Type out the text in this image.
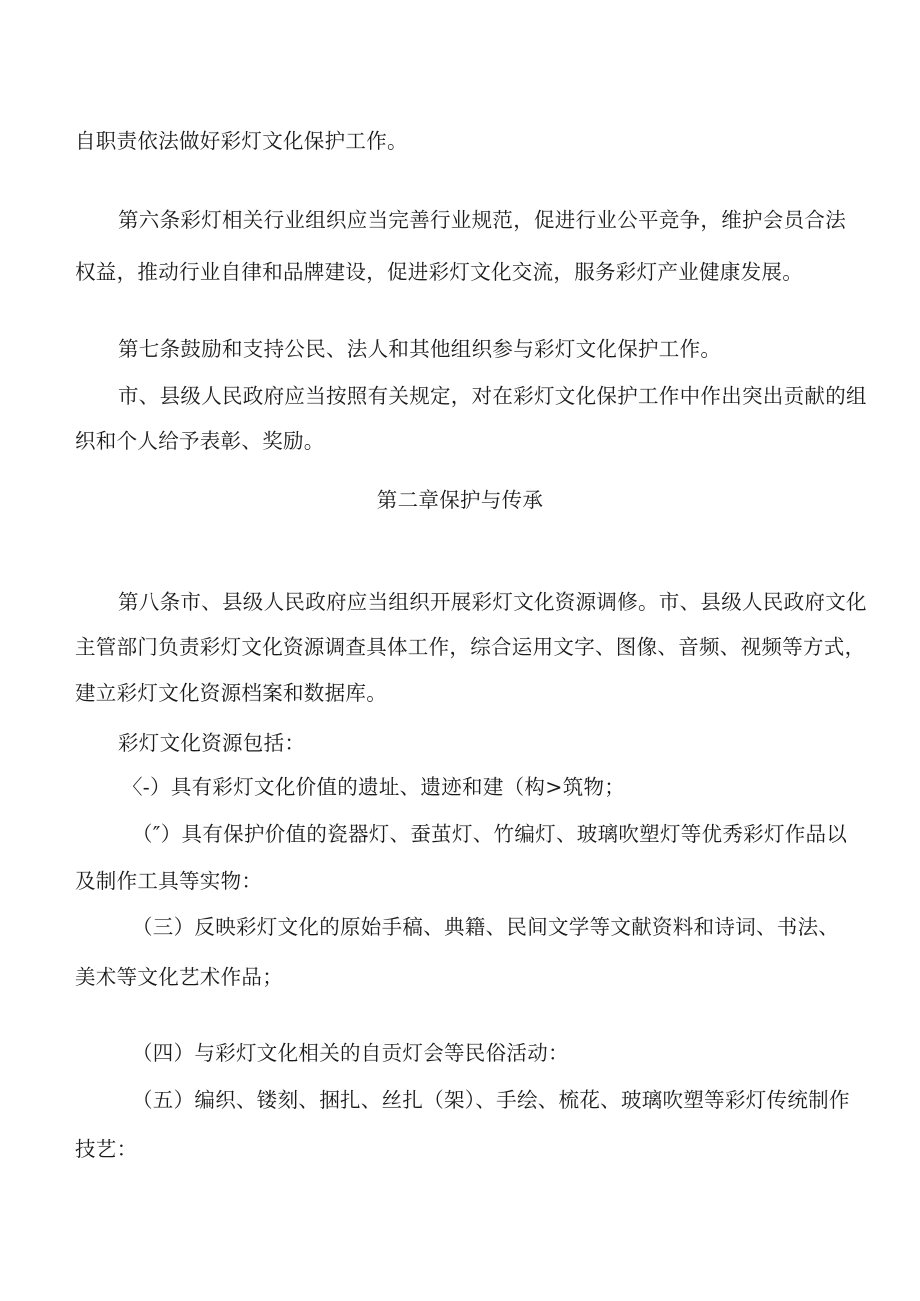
自职责依法做好彩灯文化保护工作。
第六条彩灯相关行业组织应当完善行业规范，促进行业公平竞争，维护会员合法
权益，推动行业自律和品牌建设，促进彩灯文化交流，服务彩灯产业健康发展。
第七条鼓励和支持公民、法人和其他组织参与彩灯文化保护工作。
市、县级人民政府应当按照有关规定，对在彩灯文化保护工作中作出突出贡献的组
织和个人给予表彰、奖励。
第二章保护与传承
第八条市、县级人民政府应当组织开展彩灯文化资源调修。市、县级人民政府文化
主管部门负责彩灯文化资源调查具体工作，综合运用文字、图像、音频、视频等方式，
建立彩灯文化资源档案和数据库。
彩灯文化资源包括：
〈-）具有彩灯文化价值的遗址、遗迹和建（构>筑物；
（″）具有保护价值的瓷器灯、蚕茧灯、竹编灯、玻璃吹塑灯等优秀彩灯作品以
及制作工具等实物：
（三）反映彩灯文化的原始手稿、典籍、民间文学等文献资料和诗词、书法、
美术等文化艺术作品；
（四）与彩灯文化相关的自贡灯会等民俗活动：
（五）编织、镂刻、捆扎、丝扎（架）、手绘、梳花、玻璃吹塑等彩灯传统制作
技艺：
